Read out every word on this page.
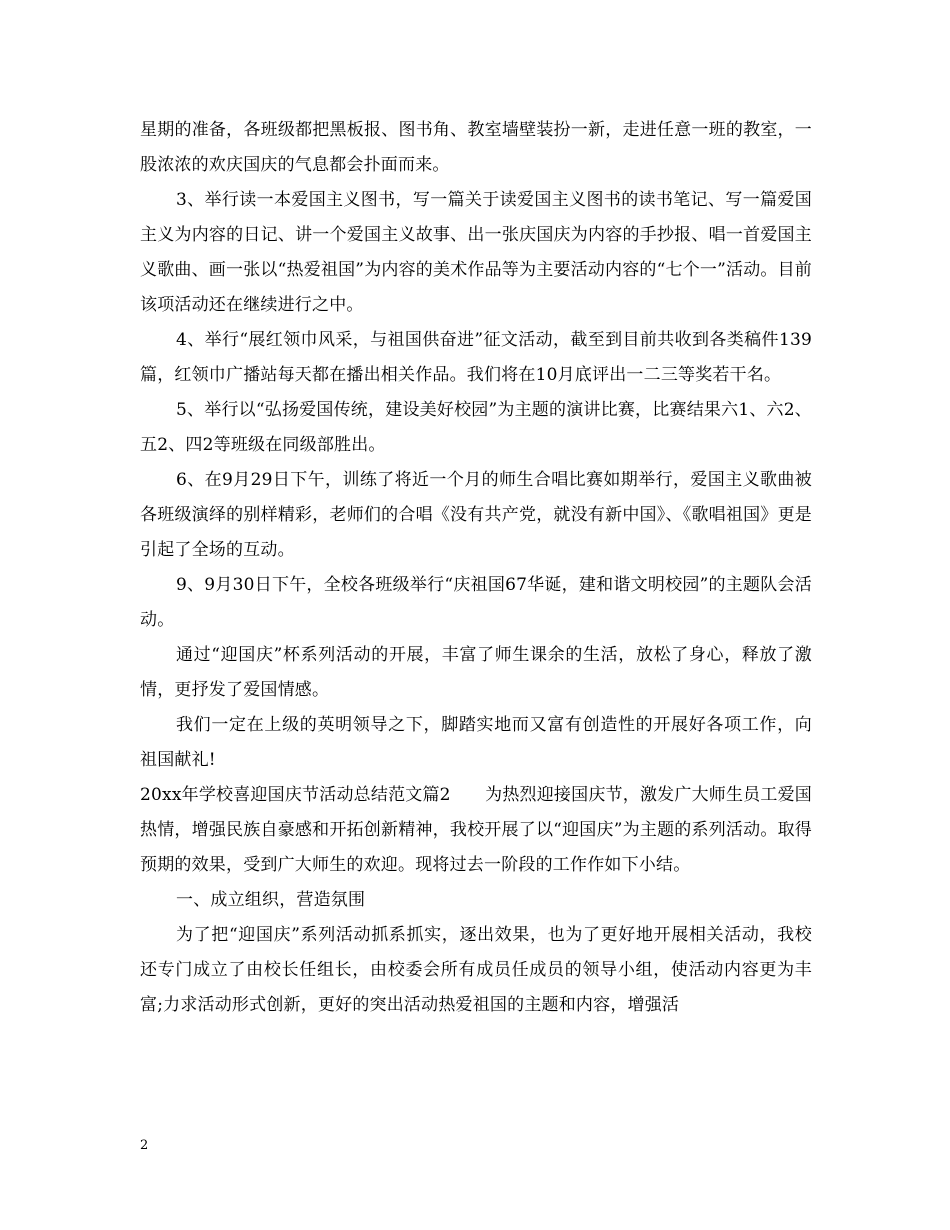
星期的准备，各班级都把黑板报、图书角、教室墙壁装扮一新，走进任意一班的教室，一股浓浓的欢庆国庆的气息都会扑面而来。

3、举行读一本爱国主义图书，写一篇关于读爱国主义图书的读书笔记、写一篇爱国主义为内容的日记、讲一个爱国主义故事、出一张庆国庆为内容的手抄报、唱一首爱国主义歌曲、画一张以“热爱祖国”为内容的美术作品等为主要活动内容的“七个一”活动。目前该项活动还在继续进行之中。

4、举行“展红领巾风采，与祖国供奋进”征文活动，截至到目前共收到各类稿件139篇，红领巾广播站每天都在播出相关作品。我们将在10月底评出一二三等奖若干名。

5、举行以“弘扬爱国传统，建设美好校园”为主题的演讲比赛，比赛结果六1、六2、五2、四2等班级在同级部胜出。

6、在9月29日下午，训练了将近一个月的师生合唱比赛如期举行，爱国主义歌曲被各班级演绎的别样精彩，老师们的合唱《没有共产党，就没有新中国》、《歌唱祖国》更是引起了全场的互动。

9、9月30日下午，全校各班级举行“庆祖国67华诞，建和谐文明校园”的主题队会活动。

通过“迎国庆”杯系列活动的开展，丰富了师生课余的生活，放松了身心，释放了激情，更抒发了爱国情感。

我们一定在上级的英明领导之下，脚踏实地而又富有创造性的开展好各项工作，向祖国献礼!

20xx年学校喜迎国庆节活动总结范文篇2　　为热烈迎接国庆节，激发广大师生员工爱国热情，增强民族自豪感和开拓创新精神，我校开展了以“迎国庆”为主题的系列活动。取得预期的效果，受到广大师生的欢迎。现将过去一阶段的工作作如下小结。

一、成立组织，营造氛围

为了把“迎国庆”系列活动抓系抓实，逐出效果，也为了更好地开展相关活动，我校还专门成立了由校长任组长，由校委会所有成员任成员的领导小组，使活动内容更为丰富;力求活动形式创新，更好的突出活动热爱祖国的主题和内容，增强活

2
